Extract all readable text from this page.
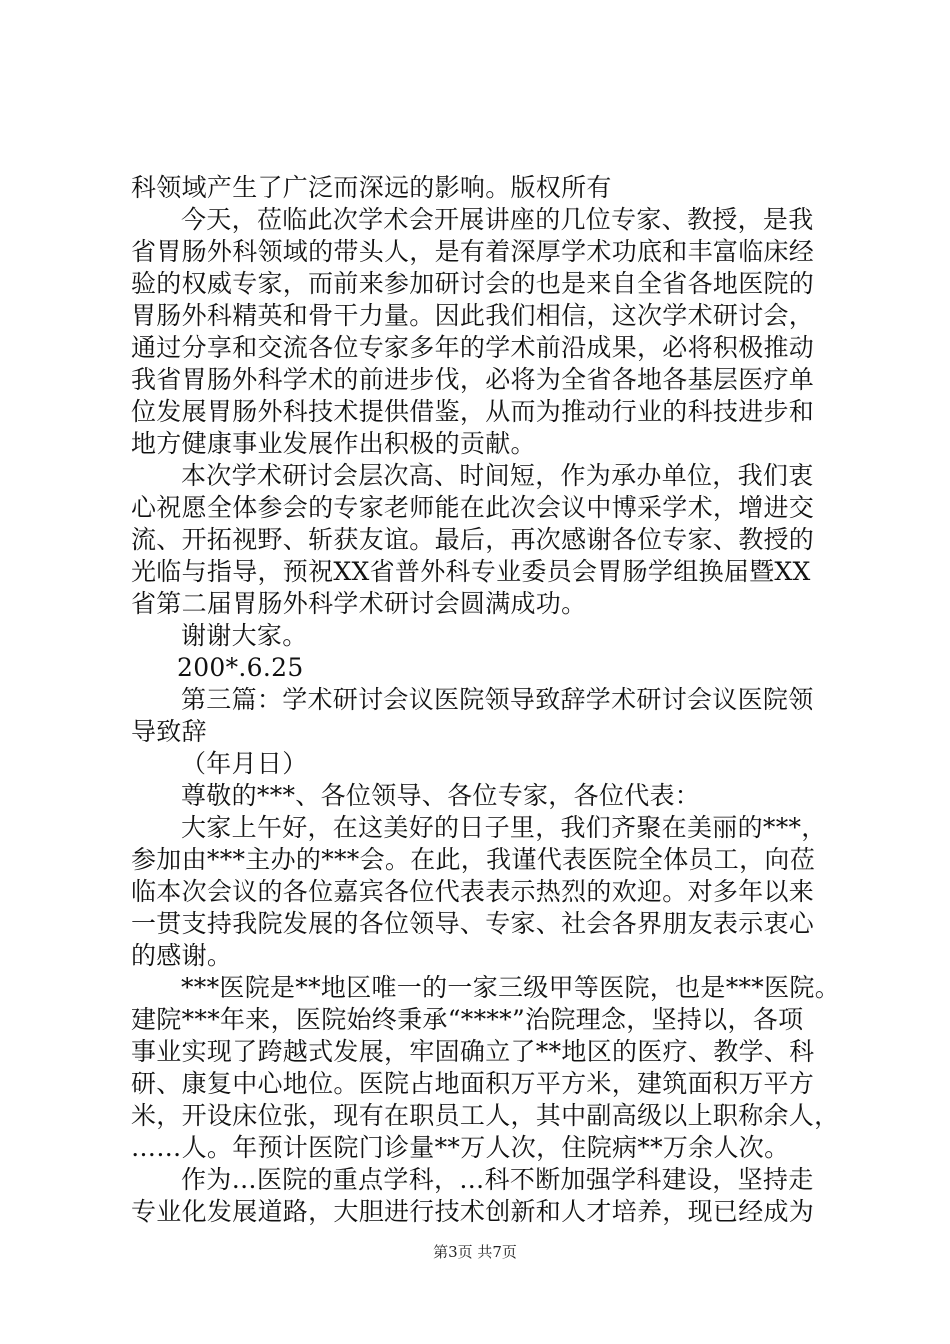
科领域产生了广泛而深远的影响。版权所有
今天，莅临此次学术会开展讲座的几位专家、教授，是我
省胃肠外科领域的带头人，是有着深厚学术功底和丰富临床经
验的权威专家，而前来参加研讨会的也是来自全省各地医院的
胃肠外科精英和骨干力量。因此我们相信，这次学术研讨会，
通过分享和交流各位专家多年的学术前沿成果，必将积极推动
我省胃肠外科学术的前进步伐，必将为全省各地各基层医疗单
位发展胃肠外科技术提供借鉴，从而为推动行业的科技进步和
地方健康事业发展作出积极的贡献。
本次学术研讨会层次高、时间短，作为承办单位，我们衷
心祝愿全体参会的专家老师能在此次会议中博采学术，增进交
流、开拓视野、斩获友谊。最后，再次感谢各位专家、教授的
光临与指导，预祝XX省普外科专业委员会胃肠学组换届暨XX
省第二届胃肠外科学术研讨会圆满成功。
谢谢大家。
200*.6.25
第三篇：学术研讨会议医院领导致辞学术研讨会议医院领
导致辞
（年月日）
尊敬的***、各位领导、各位专家，各位代表：
大家上午好，在这美好的日子里，我们齐聚在美丽的***，
参加由***主办的***会。在此，我谨代表医院全体员工，向莅
临本次会议的各位嘉宾各位代表表示热烈的欢迎。对多年以来
一贯支持我院发展的各位领导、专家、社会各界朋友表示衷心
的感谢。
***医院是**地区唯一的一家三级甲等医院，也是***医院。
建院***年来，医院始终秉承“****”治院理念，坚持以，各项
事业实现了跨越式发展，牢固确立了**地区的医疗、教学、科
研、康复中心地位。医院占地面积万平方米，建筑面积万平方
米，开设床位张，现有在职员工人，其中副高级以上职称余人，
……人。年预计医院门诊量**万人次，住院病**万余人次。
作为…医院的重点学科，…科不断加强学科建设，坚持走
专业化发展道路，大胆进行技术创新和人才培养，现已经成为
第3页 共7页
